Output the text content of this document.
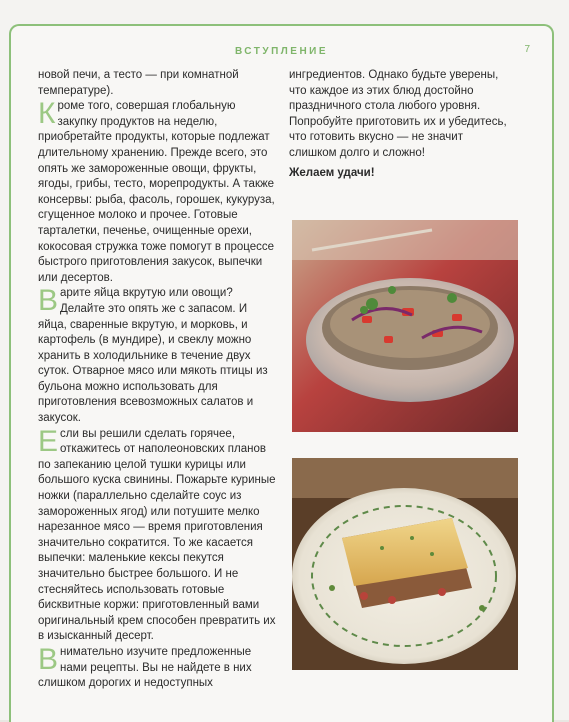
ВСТУПЛЕНИЕ	7

новой печи, а тесто — при комнатной температуре).

Кроме того, совершая глобальную закупку продуктов на неделю, приобретайте продукты, которые подлежат длительному хранению. Прежде всего, это опять же замороженные овощи, фрукты, ягоды, грибы, тесто, морепродукты. А также консервы: рыба, фасоль, горошек, кукуруза, сгущенное молоко и прочее. Готовые тарталетки, печенье, очищенные орехи, кокосовая стружка тоже помогут в процессе быстрого приготовления закусок, выпечки или десертов.

Варите яйца вкрутую или овощи? Делайте это опять же с запасом. И яйца, сваренные вкрутую, и морковь, и картофель (в мундире), и свеклу можно хранить в холодильнике в течение двух суток. Отварное мясо или мякоть птицы из бульона можно использовать для приготовления всевозможных салатов и закусок.

Если вы решили сделать горячее, откажитесь от наполеоновских планов по запеканию целой тушки курицы или большого куска свинины. Пожарьте куриные ножки (параллельно сделайте соус из замороженных ягод) или потушите мелко нарезанное мясо — время приготовления значительно сократится. То же касается выпечки: маленькие кексы пекутся значительно быстрее большого. И не стесняйтесь использовать готовые бисквитные коржи: приготовленный вами оригинальный крем способен превратить их в изысканный десерт.

Внимательно изучите предложенные нами рецепты. Вы не найдете в них слишком дорогих и недоступных

ингредиентов. Однако будьте уверены, что каждое из этих блюд достойно праздничного стола любого уровня. Попробуйте приготовить их и убедитесь, что готовить вкусно — не значит слишком долго и сложно!

Желаем удачи!
